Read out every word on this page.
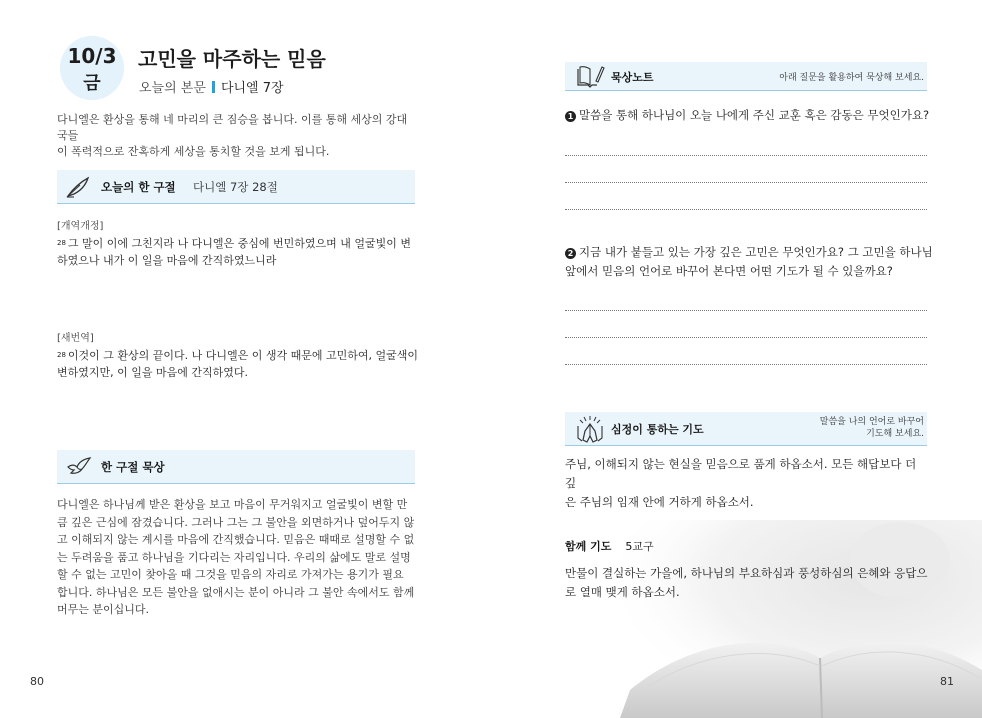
10/3
금
고민을 마주하는 믿음
오늘의 본문 다니엘 7장
다니엘은 환상을 통해 네 마리의 큰 짐승을 봅니다. 이를 통해 세상의 강대국들
이 폭력적으로 잔혹하게 세상을 통치할 것을 보게 됩니다.
오늘의 한 구절 다니엘 7장 28절
[개역개정]
$^{28}$ 그 말이 이에 그친지라 나 다니엘은 중심에 번민하였으며 내 얼굴빛이 변
하였으나 내가 이 일을 마음에 간직하였느니라
[새번역]
$^{28}$ 이것이 그 환상의 끝이다. 나 다니엘은 이 생각 때문에 고민하여, 얼굴색이
변하였지만, 이 일을 마음에 간직하였다.
한 구절 묵상
다니엘은 하나님께 받은 환상을 보고 마음이 무거워지고 얼굴빛이 변할 만
큼 깊은 근심에 잠겼습니다. 그러나 그는 그 불안을 외면하거나 덮어두지 않
고 이해되지 않는 계시를 마음에 간직했습니다. 믿음은 때때로 설명할 수 없
는 두려움을 품고 하나님을 기다리는 자리입니다. 우리의 삶에도 말로 설명
할 수 없는 고민이 찾아올 때 그것을 믿음의 자리로 가져가는 용기가 필요
합니다. 하나님은 모든 불안을 없애시는 분이 아니라 그 불안 속에서도 함께
머무는 분이십니다.
80
묵상노트	아래 질문을 활용하여 묵상해 보세요.
1 말씀을 통해 하나님이 오늘 나에게 주신 교훈 혹은 감동은 무엇인가요?
2 지금 내가 붙들고 있는 가장 깊은 고민은 무엇인가요? 그 고민을 하나님
앞에서 믿음의 언어로 바꾸어 본다면 어떤 기도가 될 수 있을까요?
심정이 통하는 기도
말씀을 나의 언어로 바꾸어
기도해 보세요.
주님, 이해되지 않는 현실을 믿음으로 품게 하옵소서. 모든 해답보다 더 깊
은 주님의 임재 안에 거하게 하옵소서.
함께 기도 5교구
만물이 결실하는 가을에, 하나님의 부요하심과 풍성하심의 은혜와 응답으
로 열매 맺게 하옵소서.
81
